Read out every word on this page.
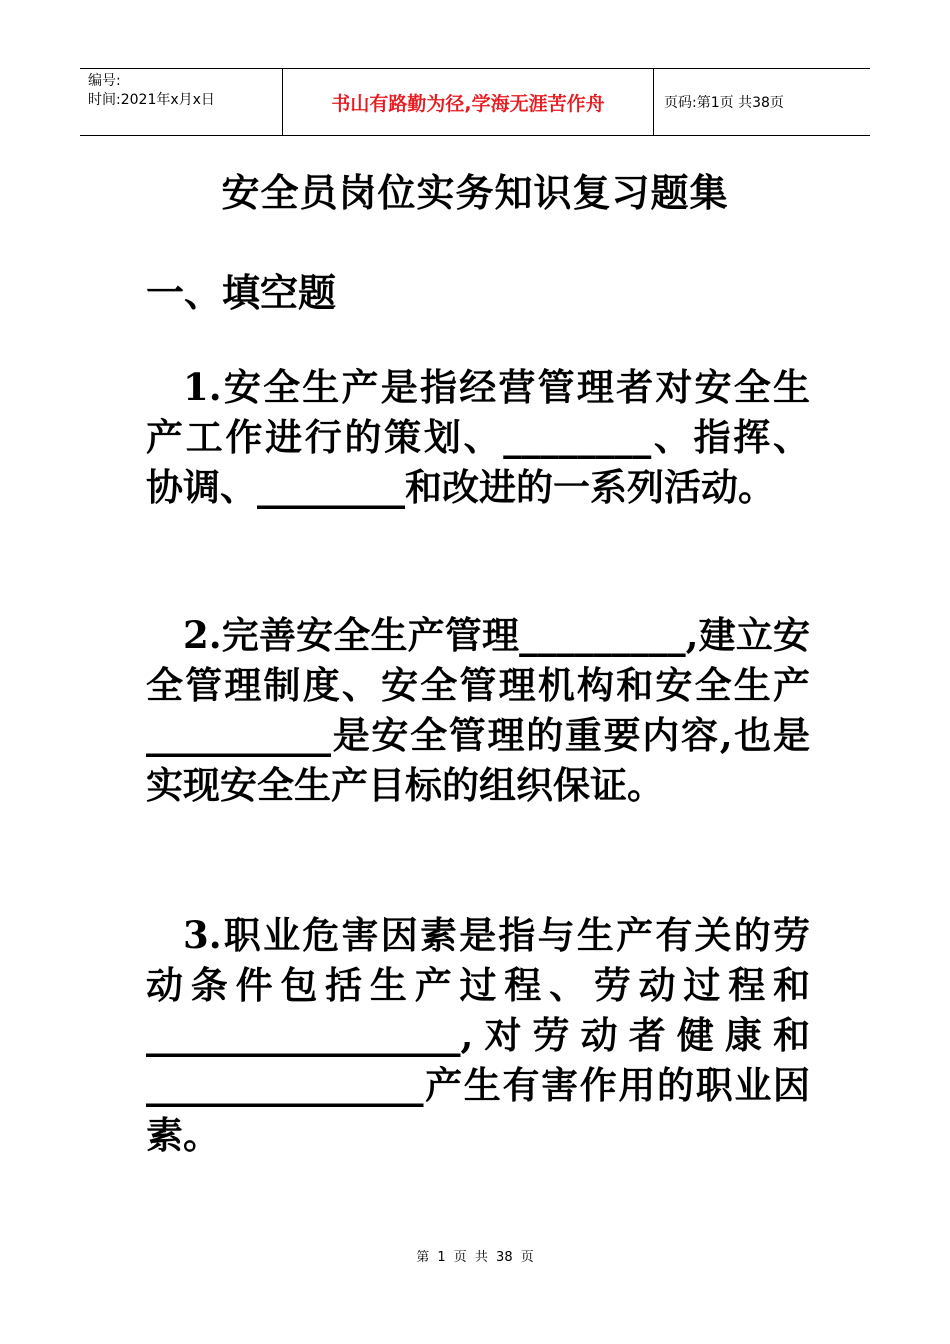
编号:
时间:2021年x月x日	书山有路勤为径,学海无涯苦作舟	页码:第1页 共38页
安全员岗位实务知识复习题集
一、填空题

1.安全生产是指经营管理者对安全生产工作进行的策划、________、指挥、协调、________和改进的一系列活动。

2.完善安全生产管理_________,建立安全管理制度、安全管理机构和安全生产__________是安全管理的重要内容,也是实现安全生产目标的组织保证。

3.职业危害因素是指与生产有关的劳动条件包括生产过程、劳动过程和_________________,对劳动者健康和_______________产生有害作用的职业因素。

第 1 页 共 38 页
